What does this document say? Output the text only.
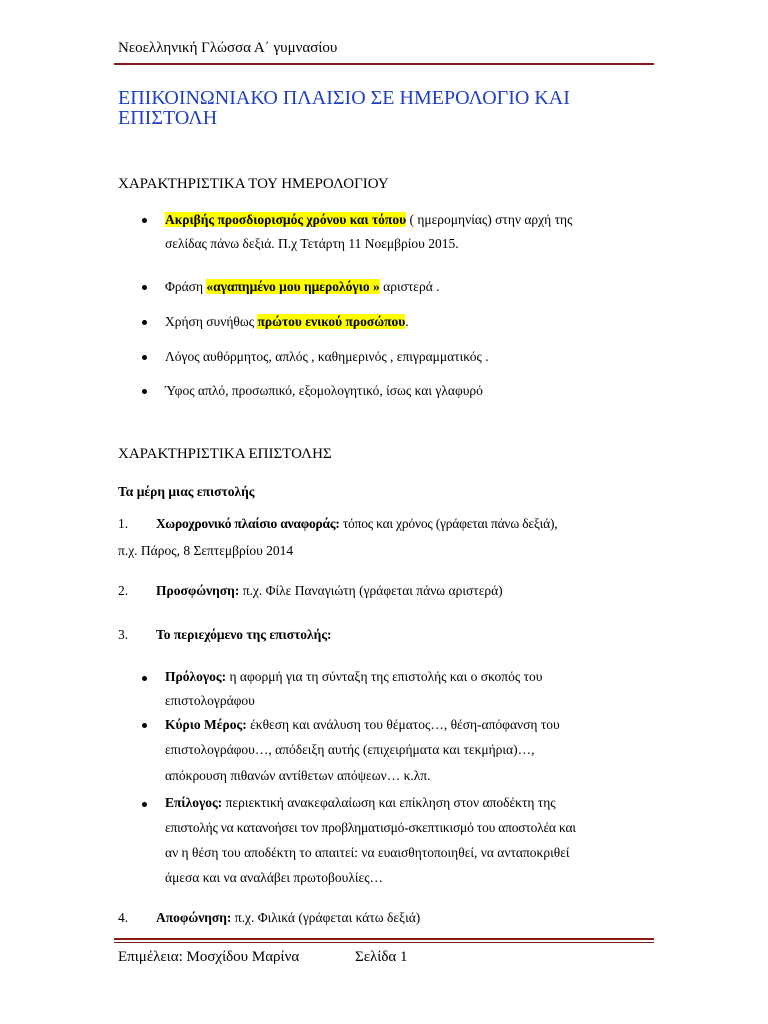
Νεοελληνική Γλώσσα Α΄ γυμνασίου
ΕΠΙΚΟΙΝΩΝΙΑΚΟ ΠΛΑΙΣΙΟ ΣΕ ΗΜΕΡΟΛΟΓΙΟ ΚΑΙ
ΕΠΙΣΤΟΛΗ
ΧΑΡΑΚΤΗΡΙΣΤΙΚΑ ΤΟΥ ΗΜΕΡΟΛΟΓΙΟΥ
Ακριβής προσδιορισμός χρόνου και τόπου ( ημερομηνίας) στην αρχή της
σελίδας πάνω δεξιά. Π.χ Τετάρτη 11 Νοεμβρίου 2015.
Φράση «αγαπημένο μου ημερολόγιο » αριστερά .
Χρήση συνήθως πρώτου ενικού προσώπου.
Λόγος αυθόρμητος, απλός , καθημερινός , επιγραμματικός .
Ύφος απλό, προσωπικό, εξομολογητικό, ίσως και γλαφυρό
ΧΑΡΑΚΤΗΡΙΣΤΙΚΑ ΕΠΙΣΤΟΛΗΣ
Τα μέρη μιας επιστολής
1. Χωροχρονικό πλαίσιο αναφοράς: τόπος και χρόνος (γράφεται πάνω δεξιά),
π.χ. Πάρος, 8 Σεπτεμβρίου 2014
2. Προσφώνηση: π.χ. Φίλε Παναγιώτη (γράφεται πάνω αριστερά)
3. Το περιεχόμενο της επιστολής:
Πρόλογος: η αφορμή για τη σύνταξη της επιστολής και ο σκοπός του
επιστολογράφου
Κύριο Μέρος: έκθεση και ανάλυση του θέματος…, θέση-απόφανση του
επιστολογράφου…, απόδειξη αυτής (επιχειρήματα και τεκμήρια)…,
απόκρουση πιθανών αντίθετων απόψεων… κ.λπ.
Επίλογος: περιεκτική ανακεφαλαίωση και επίκληση στον αποδέκτη της
επιστολής να κατανοήσει τον προβληματισμό-σκεπτικισμό του αποστολέα και
αν η θέση του αποδέκτη το απαιτεί: να ευαισθητοποιηθεί, να ανταποκριθεί
άμεσα και να αναλάβει πρωτοβουλίες…
4. Αποφώνηση: π.χ. Φιλικά (γράφεται κάτω δεξιά)
Επιμέλεια: Μοσχίδου Μαρίνα	Σελίδα 1
